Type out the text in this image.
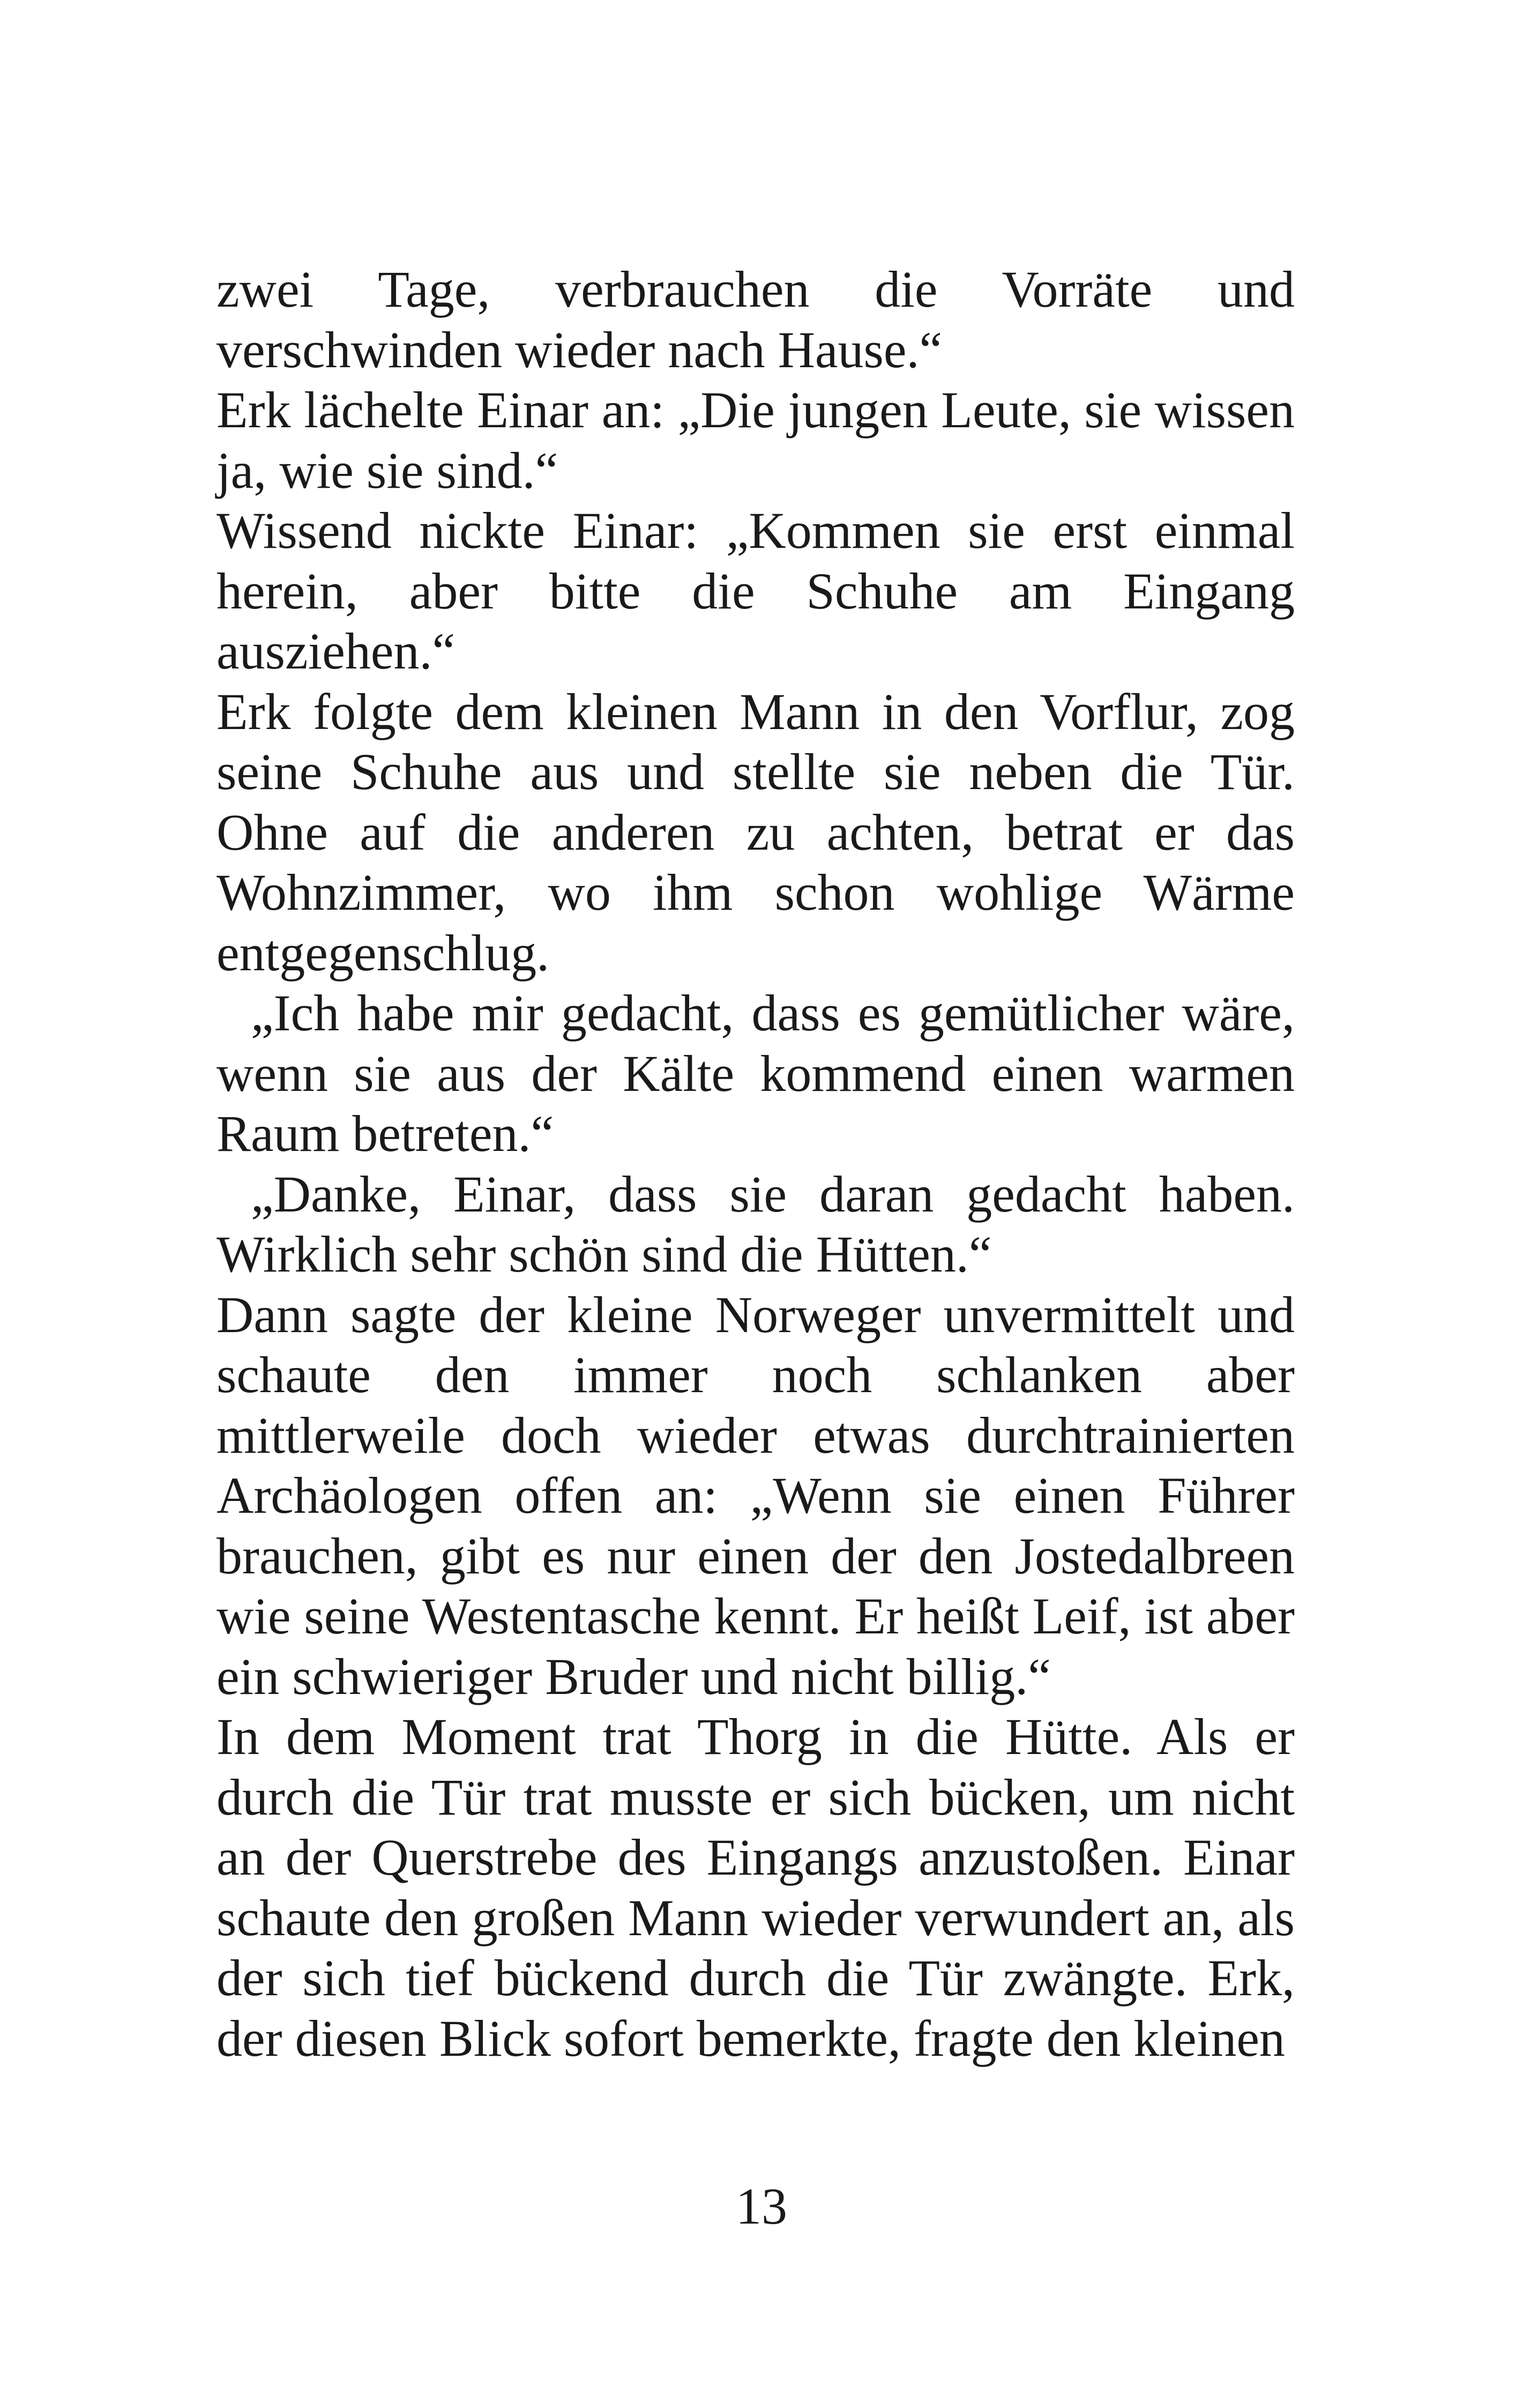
zwei Tage, verbrauchen die Vorräte und verschwinden wieder nach Hause.“

Erk lächelte Einar an: „Die jungen Leute, sie wissen ja, wie sie sind.“

Wissend nickte Einar: „Kommen sie erst einmal herein, aber bitte die Schuhe am Eingang ausziehen.“

Erk folgte dem kleinen Mann in den Vorflur, zog seine Schuhe aus und stellte sie neben die Tür. Ohne auf die anderen zu achten, betrat er das Wohnzimmer, wo ihm schon wohlige Wärme entgegenschlug.

„Ich habe mir gedacht, dass es gemütlicher wäre, wenn sie aus der Kälte kommend einen warmen Raum betreten.“

„Danke, Einar, dass sie daran gedacht haben. Wirklich sehr schön sind die Hütten.“

Dann sagte der kleine Norweger unvermittelt und schaute den immer noch schlanken aber mittlerweile doch wieder etwas durchtrainierten Archäologen offen an: „Wenn sie einen Führer brauchen, gibt es nur einen der den Jostedalbreen wie seine Westentasche kennt. Er heißt Leif, ist aber ein schwieriger Bruder und nicht billig.“

In dem Moment trat Thorg in die Hütte. Als er durch die Tür trat musste er sich bücken, um nicht an der Querstrebe des Eingangs anzustoßen. Einar schaute den großen Mann wieder verwundert an, als der sich tief bückend durch die Tür zwängte. Erk, der diesen Blick sofort bemerkte, fragte den kleinen

13
